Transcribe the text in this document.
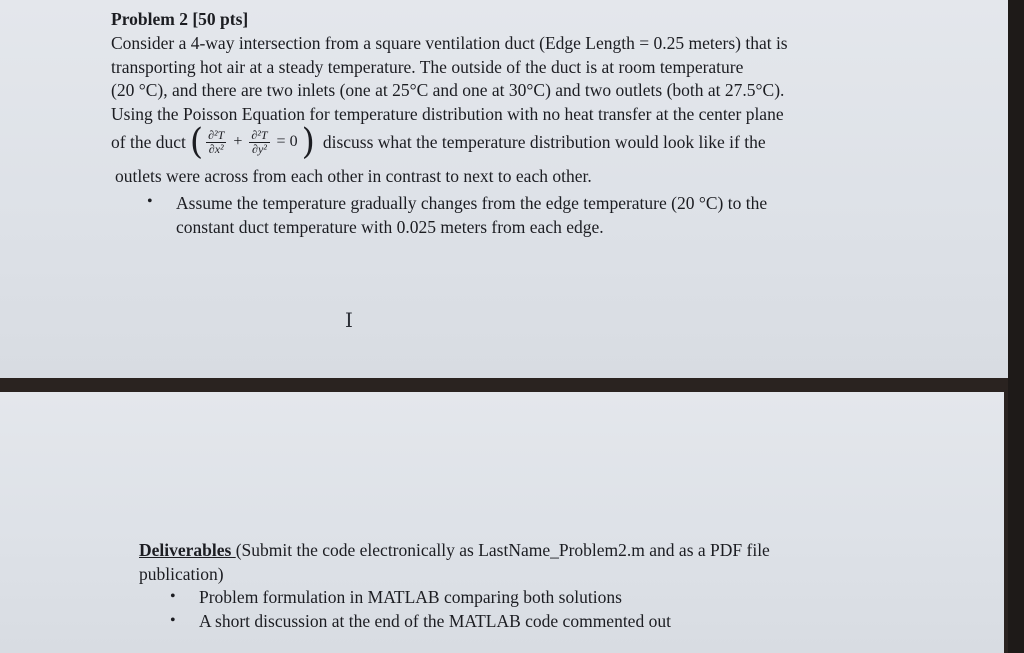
Problem 2 [50 pts]
Consider a 4-way intersection from a square ventilation duct (Edge Length = 0.25 meters) that is
transporting hot air at a steady temperature. The outside of the duct is at room temperature
(20 °C), and there are two inlets (one at 25°C and one at 30°C) and two outlets (both at 27.5°C).
Using the Poisson Equation for temperature distribution with no heat transfer at the center plane
of the duct ( $\frac{\text{∂²T}}{\text{∂x²}} + \frac{\text{∂²T}}{\text{∂y²}} = 0$ ) discuss what the temperature distribution would look like if the
outlets were across from each other in contrast to next to each other.
• Assume the temperature gradually changes from the edge temperature (20 °C) to the
constant duct temperature with 0.025 meters from each edge.
I
Deliverables (Submit the code electronically as LastName_Problem2.m and as a PDF file
publication)
• Problem formulation in MATLAB comparing both solutions
• A short discussion at the end of the MATLAB code commented out
